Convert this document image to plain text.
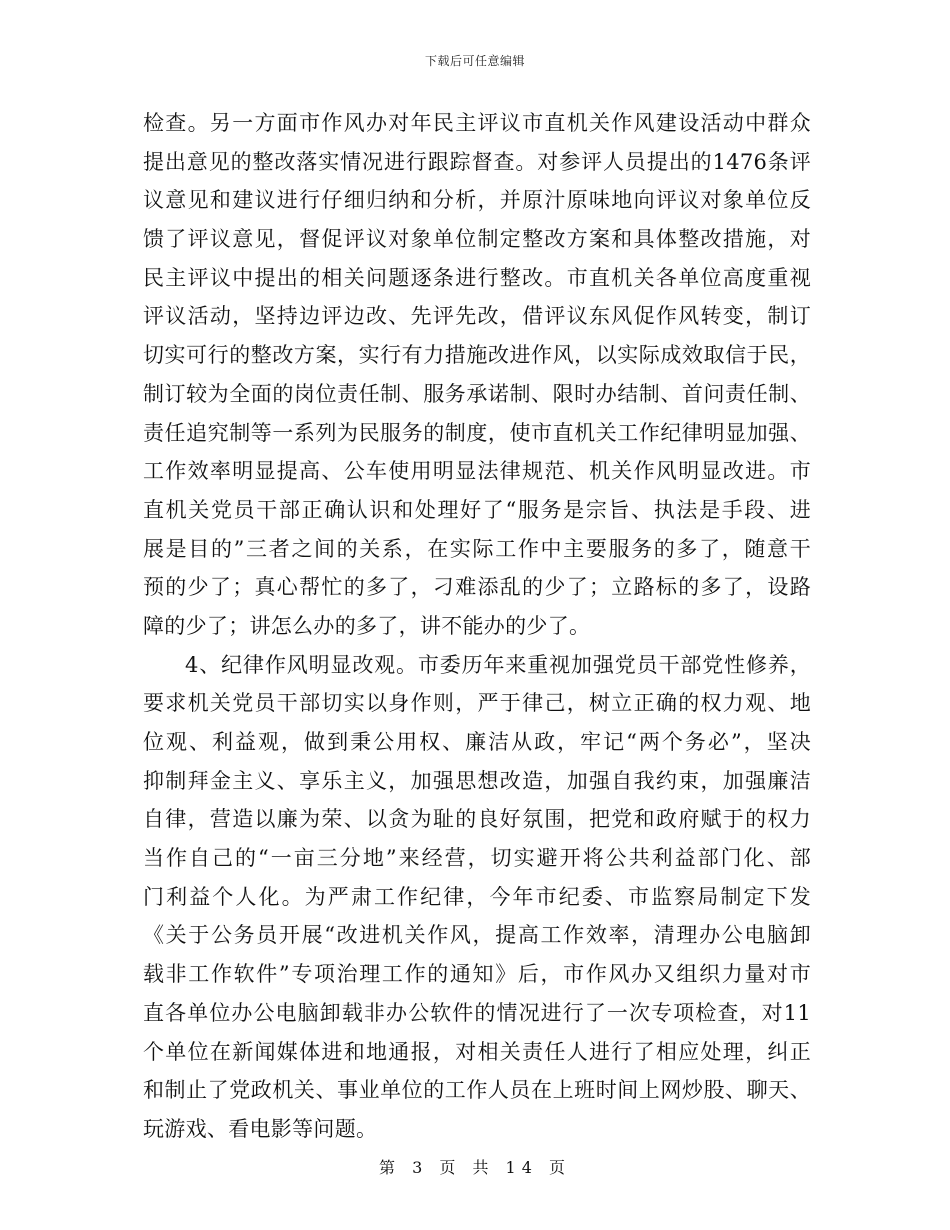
下载后可任意编辑
检查。另一方面市作风办对年民主评议市直机关作风建设活动中群众
提出意见的整改落实情况进行跟踪督查。对参评人员提出的1476条评
议意见和建议进行仔细归纳和分析，并原汁原味地向评议对象单位反
馈了评议意见，督促评议对象单位制定整改方案和具体整改措施，对
民主评议中提出的相关问题逐条进行整改。市直机关各单位高度重视
评议活动，坚持边评边改、先评先改，借评议东风促作风转变，制订
切实可行的整改方案，实行有力措施改进作风，以实际成效取信于民，
制订较为全面的岗位责任制、服务承诺制、限时办结制、首问责任制、
责任追究制等一系列为民服务的制度，使市直机关工作纪律明显加强、
工作效率明显提高、公车使用明显法律规范、机关作风明显改进。市
直机关党员干部正确认识和处理好了“服务是宗旨、执法是手段、进
展是目的”三者之间的关系，在实际工作中主要服务的多了，随意干
预的少了；真心帮忙的多了，刁难添乱的少了；立路标的多了，设路
障的少了；讲怎么办的多了，讲不能办的少了。
4、纪律作风明显改观。市委历年来重视加强党员干部党性修养，
要求机关党员干部切实以身作则，严于律己，树立正确的权力观、地
位观、利益观，做到秉公用权、廉洁从政，牢记“两个务必”，坚决
抑制拜金主义、享乐主义，加强思想改造，加强自我约束，加强廉洁
自律，营造以廉为荣、以贪为耻的良好氛围，把党和政府赋于的权力
当作自己的“一亩三分地”来经营，切实避开将公共利益部门化、部
门利益个人化。为严肃工作纪律，今年市纪委、市监察局制定下发
《关于公务员开展“改进机关作风，提高工作效率，清理办公电脑卸
载非工作软件”专项治理工作的通知》后，市作风办又组织力量对市
直各单位办公电脑卸载非办公软件的情况进行了一次专项检查，对11
个单位在新闻媒体进和地通报，对相关责任人进行了相应处理，纠正
和制止了党政机关、事业单位的工作人员在上班时间上网炒股、聊天、
玩游戏、看电影等问题。
第 3 页 共 14 页
